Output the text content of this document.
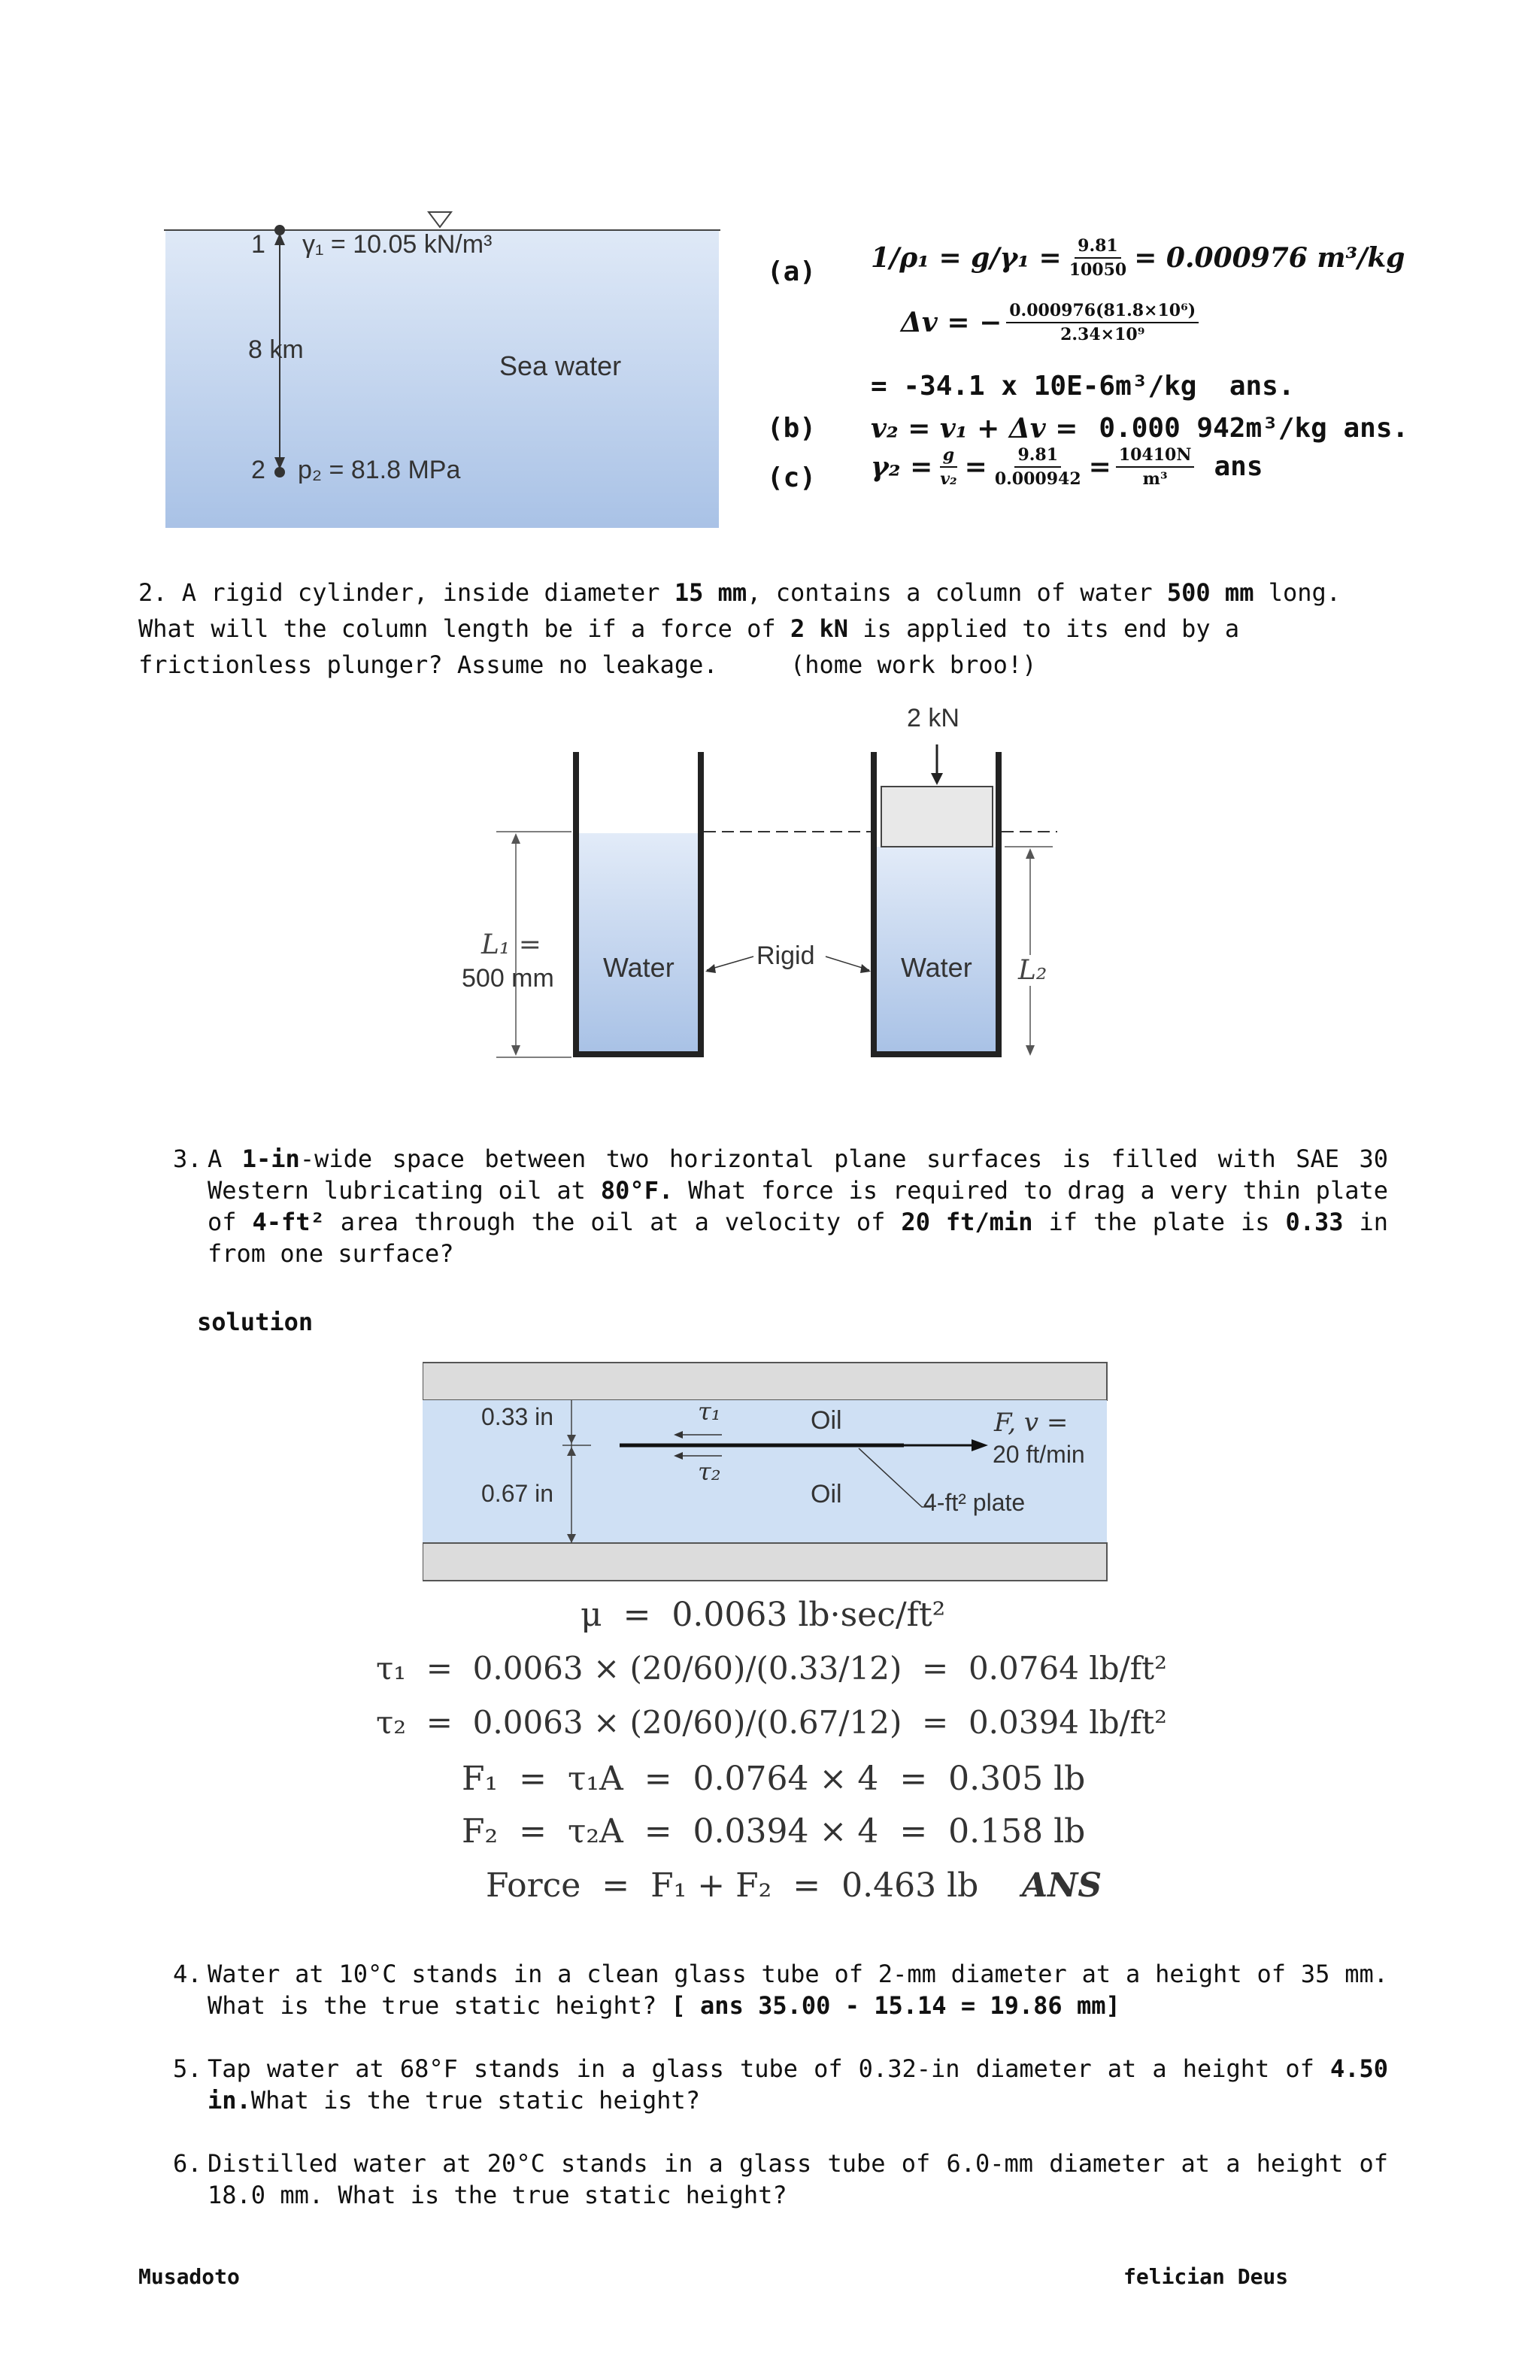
1 γ₁ = 10.05 kN/m³
8 km
Sea water
2 p₂ = 81.8 MPa
(a) $1/\rho_1 = g/\gamma_1 = \frac{9.81}{10050} = 0.000976$ m³/kg
Δv = − $\frac{\text{0.000976(81.8×10⁶)}}{\text{2.34×10⁹}}$
= -34.1 x 10E-6m³/kg  ans.
(b) v₂ = v₁ + Δv = 0.000 942m³/kg ans.
(c) $\gamma_2 = \frac{g}{\text{v₂}} = \frac{9.81}{0.000942} = \frac{10410N}{\text{m³}}$ ans
2. A rigid cylinder, inside diameter 15 mm, contains a column of water 500 mm long. What will the column length be if a force of 2 kN is applied to its end by a frictionless plunger? Assume no leakage.     (home work broo!)
2 kN
L₁ =
500 mm Water	Rigid	Water L₂
3. A 1-in-wide space between two horizontal plane surfaces is filled with SAE 30 Western lubricating oil at 80°F. What force is required to drag a very thin plate of 4-ft² area through the oil at a velocity of 20 ft/min if the plate is 0.33 in from one surface?
solution
0.33 in
0.67 in
τ₁
τ₂
Oil
Oil
F, v =
20 ft/min
4-ft² plate
μ  =  0.0063 lb·sec/ft²
τ₁  =  0.0063 × (20/60)/(0.33/12)  =  0.0764 lb/ft²
τ₂  =  0.0063 × (20/60)/(0.67/12)  =  0.0394 lb/ft²
F₁  =  τ₁A  =  0.0764 × 4  =  0.305 lb
F₂  =  τ₂A  =  0.0394 × 4  =  0.158 lb
Force  =  F₁ + F₂  =  0.463 lb ANS
4. Water at 10°C stands in a clean glass tube of 2-mm diameter at a height of 35 mm. What is the true static height? [ ans 35.00 - 15.14 = 19.86 mm]
5. Tap water at 68°F stands in a glass tube of 0.32-in diameter at a height of 4.50 in.What is the true static height?
6. Distilled water at 20°C stands in a glass tube of 6.0-mm diameter at a height of 18.0 mm. What is the true static height?
Musadoto	felician Deus
